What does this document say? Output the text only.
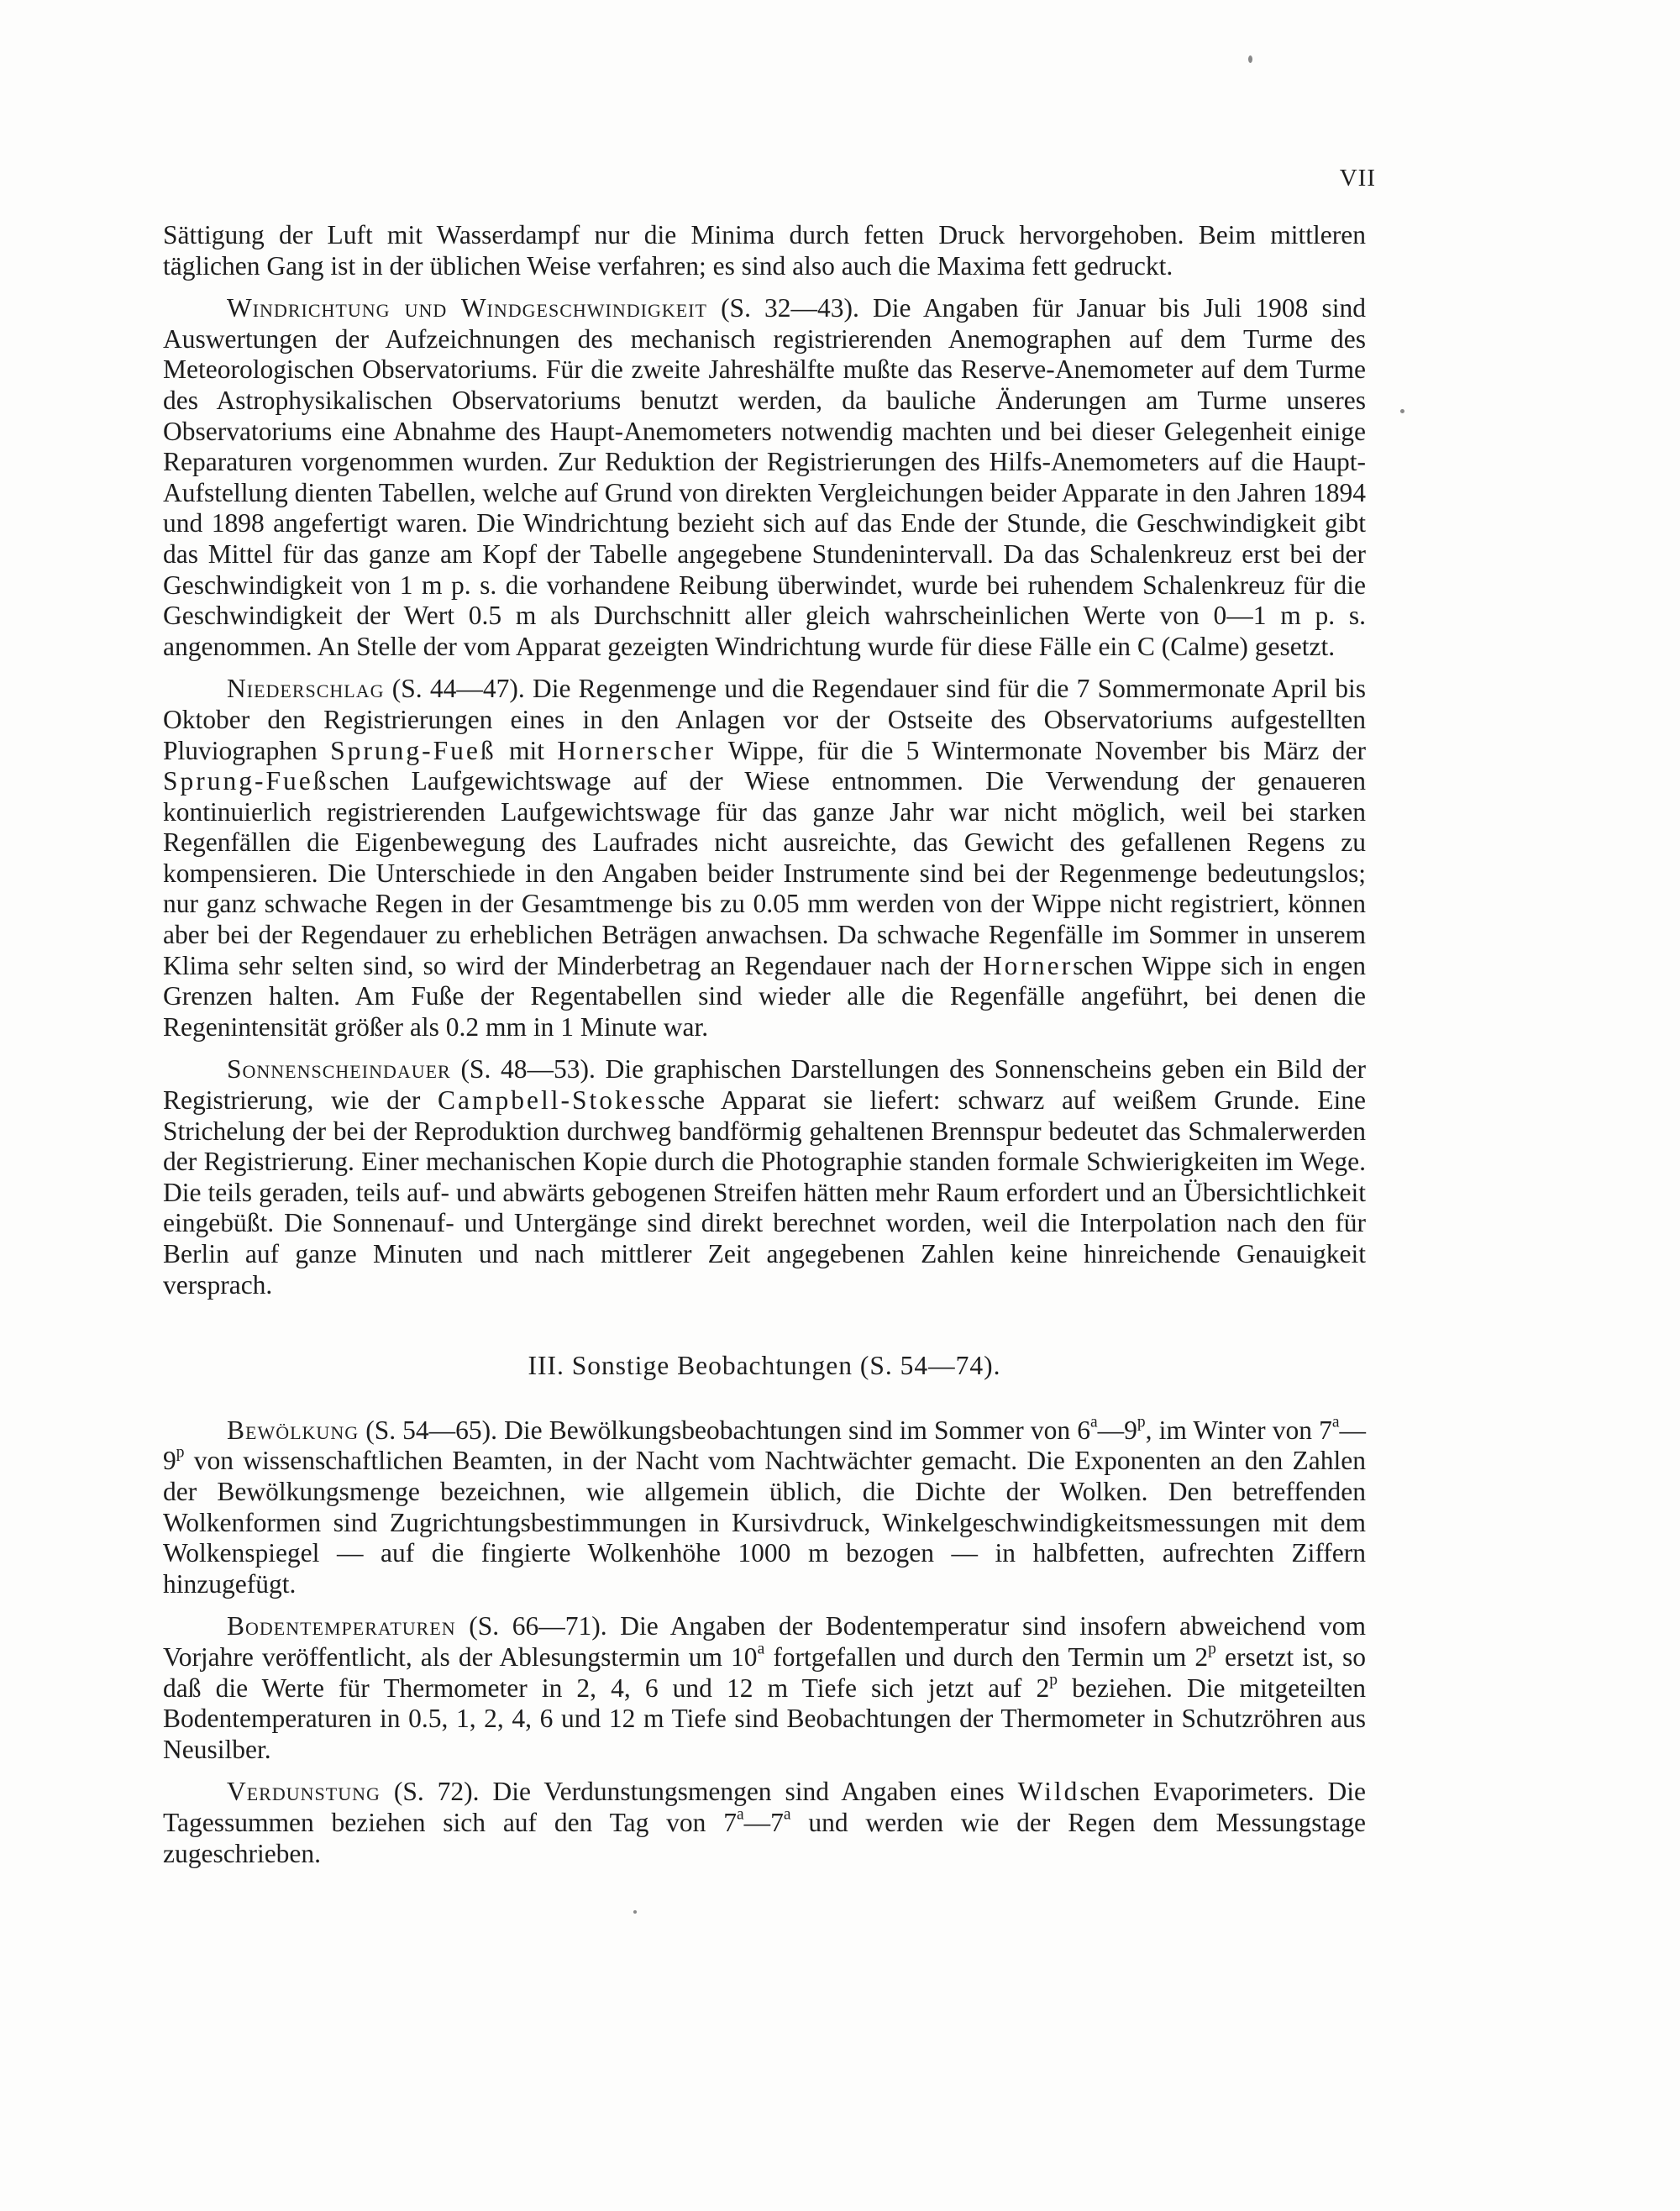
VII

Sättigung der Luft mit Wasserdampf nur die Minima durch fetten Druck hervorgehoben. Beim mittleren täglichen Gang ist in der üblichen Weise verfahren; es sind also auch die Maxima fett gedruckt.

Windrichtung und Windgeschwindigkeit (S. 32—43). Die Angaben für Januar bis Juli 1908 sind Auswertungen der Aufzeichnungen des mechanisch registrierenden Anemographen auf dem Turme des Meteorologischen Observatoriums. Für die zweite Jahreshälfte mußte das Reserve-Anemometer auf dem Turme des Astrophysikalischen Observatoriums benutzt werden, da bauliche Änderungen am Turme unseres Observatoriums eine Abnahme des Haupt-Anemometers notwendig machten und bei dieser Gelegenheit einige Reparaturen vorgenommen wurden. Zur Reduktion der Registrierungen des Hilfs-Anemometers auf die Haupt-Aufstellung dienten Tabellen, welche auf Grund von direkten Vergleichungen beider Apparate in den Jahren 1894 und 1898 angefertigt waren. Die Windrichtung bezieht sich auf das Ende der Stunde, die Geschwindigkeit gibt das Mittel für das ganze am Kopf der Tabelle angegebene Stundenintervall. Da das Schalenkreuz erst bei der Geschwindigkeit von 1 m p. s. die vorhandene Reibung überwindet, wurde bei ruhendem Schalenkreuz für die Geschwindigkeit der Wert 0.5 m als Durchschnitt aller gleich wahrscheinlichen Werte von 0—1 m p. s. angenommen. An Stelle der vom Apparat gezeigten Windrichtung wurde für diese Fälle ein C (Calme) gesetzt.

Niederschlag (S. 44—47). Die Regenmenge und die Regendauer sind für die 7 Sommermonate April bis Oktober den Registrierungen eines in den Anlagen vor der Ostseite des Observatoriums aufgestellten Pluviographen Sprung-Fueß mit Hornerscher Wippe, für die 5 Wintermonate November bis März der Sprung-Fueßschen Laufgewichtswage auf der Wiese entnommen. Die Verwendung der genaueren kontinuierlich registrierenden Laufgewichtswage für das ganze Jahr war nicht möglich, weil bei starken Regenfällen die Eigenbewegung des Laufrades nicht ausreichte, das Gewicht des gefallenen Regens zu kompensieren. Die Unterschiede in den Angaben beider Instrumente sind bei der Regenmenge bedeutungslos; nur ganz schwache Regen in der Gesamtmenge bis zu 0.05 mm werden von der Wippe nicht registriert, können aber bei der Regendauer zu erheblichen Beträgen anwachsen. Da schwache Regenfälle im Sommer in unserem Klima sehr selten sind, so wird der Minderbetrag an Regendauer nach der Hornerschen Wippe sich in engen Grenzen halten. Am Fuße der Regentabellen sind wieder alle die Regenfälle angeführt, bei denen die Regenintensität größer als 0.2 mm in 1 Minute war.

Sonnenscheindauer (S. 48—53). Die graphischen Darstellungen des Sonnenscheins geben ein Bild der Registrierung, wie der Campbell-Stokessche Apparat sie liefert: schwarz auf weißem Grunde. Eine Strichelung der bei der Reproduktion durchweg bandförmig gehaltenen Brennspur bedeutet das Schmalerwerden der Registrierung. Einer mechanischen Kopie durch die Photographie standen formale Schwierigkeiten im Wege. Die teils geraden, teils auf- und abwärts gebogenen Streifen hätten mehr Raum erfordert und an Übersichtlichkeit eingebüßt. Die Sonnenauf- und Untergänge sind direkt berechnet worden, weil die Interpolation nach den für Berlin auf ganze Minuten und nach mittlerer Zeit angegebenen Zahlen keine hinreichende Genauigkeit versprach.

III. Sonstige Beobachtungen (S. 54—74).

Bewölkung (S. 54—65). Die Bewölkungsbeobachtungen sind im Sommer von 6$^a$—9$^p$, im Winter von 7$^a$—9$^p$ von wissenschaftlichen Beamten, in der Nacht vom Nachtwächter gemacht. Die Exponenten an den Zahlen der Bewölkungsmenge bezeichnen, wie allgemein üblich, die Dichte der Wolken. Den betreffenden Wolkenformen sind Zugrichtungsbestimmungen in Kursivdruck, Winkelgeschwindigkeitsmessungen mit dem Wolkenspiegel — auf die fingierte Wolkenhöhe 1000 m bezogen — in halbfetten, aufrechten Ziffern hinzugefügt.

Bodentemperaturen (S. 66—71). Die Angaben der Bodentemperatur sind insofern abweichend vom Vorjahre veröffentlicht, als der Ablesungstermin um 10$^a$ fortgefallen und durch den Termin um 2$^p$ ersetzt ist, so daß die Werte für Thermometer in 2, 4, 6 und 12 m Tiefe sich jetzt auf 2$^p$ beziehen. Die mitgeteilten Bodentemperaturen in 0.5, 1, 2, 4, 6 und 12 m Tiefe sind Beobachtungen der Thermometer in Schutzröhren aus Neusilber.

Verdunstung (S. 72). Die Verdunstungsmengen sind Angaben eines Wildschen Evaporimeters. Die Tagessummen beziehen sich auf den Tag von 7$^a$—7$^a$ und werden wie der Regen dem Messungstage zugeschrieben.
